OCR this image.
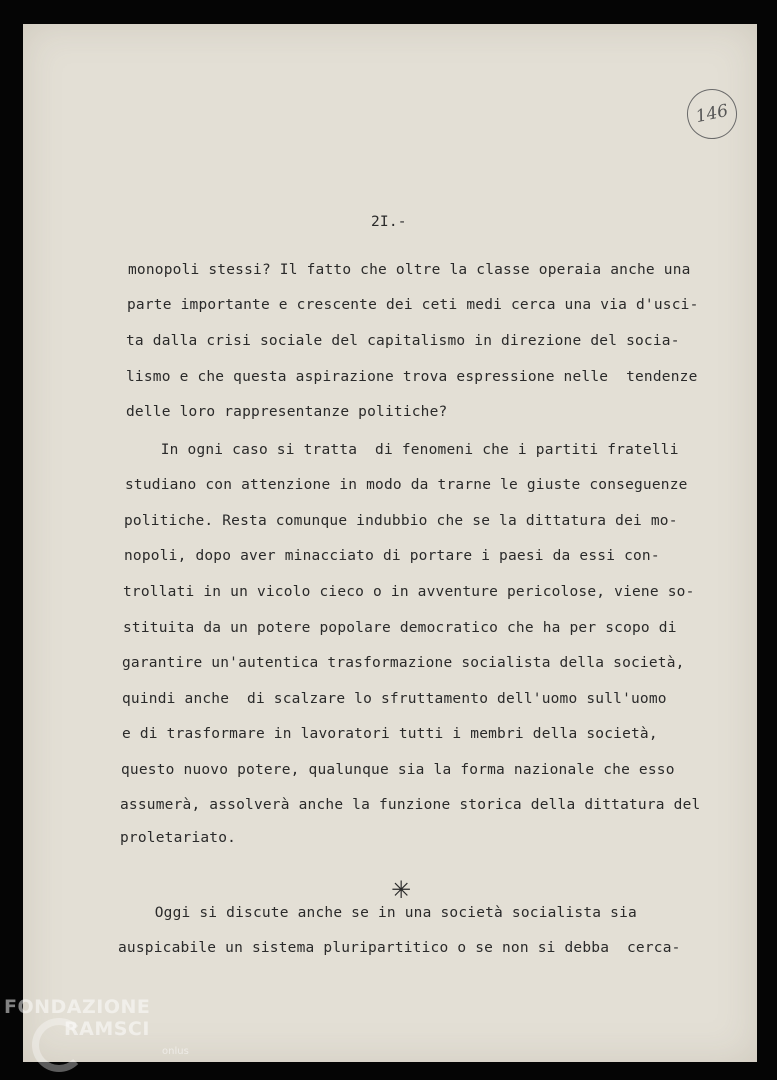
146
2I.-
monopoli stessi? Il fatto che oltre la classe operaia anche una
parte importante e crescente dei ceti medi cerca una via d'usci-
ta dalla crisi sociale del capitalismo in direzione del socia-
lismo e che questa aspirazione trova espressione nelle  tendenze
delle loro rappresentanze politiche?
In ogni caso si tratta  di fenomeni che i partiti fratelli
studiano con attenzione in modo da trarne le giuste conseguenze
politiche. Resta comunque indubbio che se la dittatura dei mo-
nopoli, dopo aver minacciato di portare i paesi da essi con-
trollati in un vicolo cieco o in avventure pericolose, viene so-
stituita da un potere popolare democratico che ha per scopo di
garantire un'autentica trasformazione socialista della società,
quindi anche  di scalzare lo sfruttamento dell'uomo sull'uomo
e di trasformare in lavoratori tutti i membri della società,
questo nuovo potere, qualunque sia la forma nazionale che esso
assumerà, assolverà anche la funzione storica della dittatura del
proletariato.
✳
Oggi si discute anche se in una società socialista sia
auspicabile un sistema pluripartitico o se non si debba  cerca-
FONDAZIONE
RAMSCI
onlus
